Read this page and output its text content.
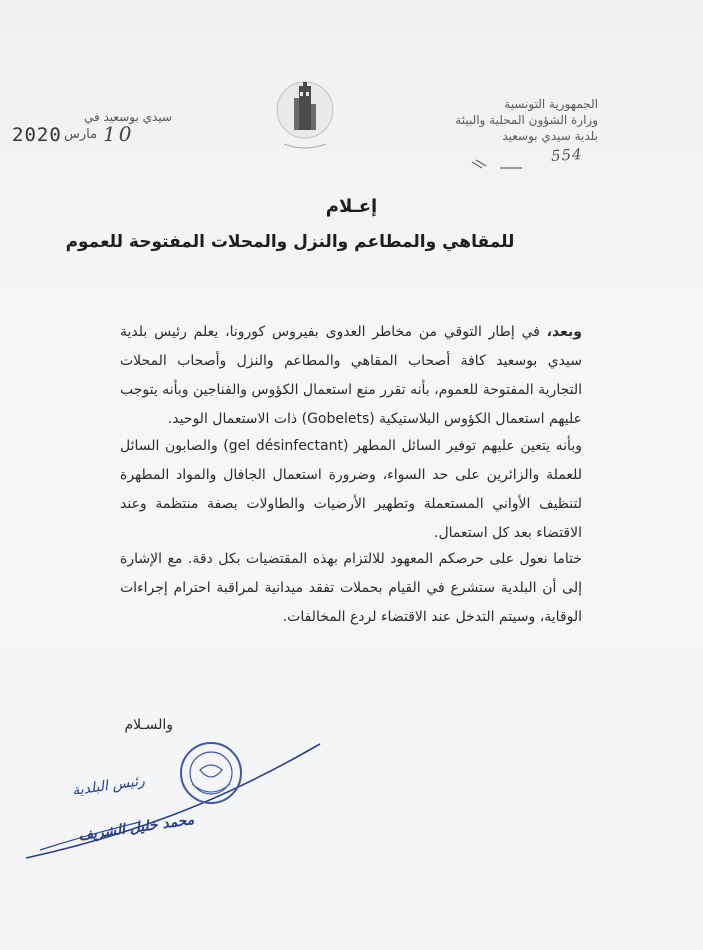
الجمهورية التونسية
وزارة الشؤون المحلية والبيئة
بلدية سيدي بوسعيد
554
سيدي بوسعيد في
10
مارس
2020
إعـلام
للمقاهي والمطاعم والنزل والمحلات المفتوحة للعموم
وبعد، في إطار التوقي من مخاطر العدوى بفيروس كورونا، يعلم رئيس بلدية سيدي بوسعيد كافة أصحاب المقاهي والمطاعم والنزل وأصحاب المحلات التجارية المفتوحة للعموم، بأنه تقرر منع استعمال الكؤوس والفناجين وبأنه يتوجب عليهم استعمال الكؤوس البلاستيكية (Gobelets) ذات الاستعمال الوحيد.
وبأنه يتعين عليهم توفير السائل المطهر (gel désinfectant) والصابون السائل للعملة والزائرين على حد السواء، وضرورة استعمال الجافال والمواد المطهرة لتنظيف الأواني المستعملة وتطهير الأرضيات والطاولات بصفة منتظمة وعند الاقتضاء بعد كل استعمال.
ختاما نعول على حرصكم المعهود للالتزام بهذه المقتضيات بكل دقة. مع الإشارة إلى أن البلدية ستشرع في القيام بحملات تفقد ميدانية لمراقبة احترام إجراءات الوقاية، وسيتم التدخل عند الاقتضاء لردع المخالفات.
والسـلام
رئيس البلدية
محمد خليل الشريف
